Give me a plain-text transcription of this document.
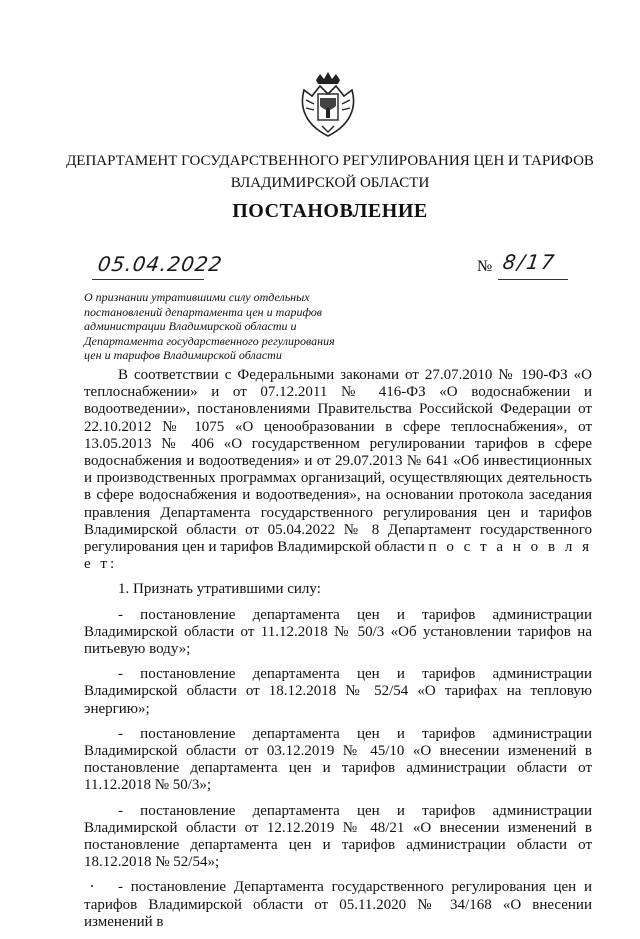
ДЕПАРТАМЕНТ ГОСУДАРСТВЕННОГО РЕГУЛИРОВАНИЯ ЦЕН И ТАРИФОВ
ВЛАДИМИРСКОЙ ОБЛАСТИ
ПОСТАНОВЛЕНИЕ
05.04.2022	№ 8/17
О признании утратившими силу отдельных
постановлений департамента цен и тарифов
администрации Владимирской области и
Департамента государственного регулирования
цен и тарифов Владимирской области

В соответствии с Федеральными законами от 27.07.2010 № 190-ФЗ «О теплоснабжении» и от 07.12.2011 № 416-ФЗ «О водоснабжении и водоотведении», постановлениями Правительства Российской Федерации от 22.10.2012 № 1075 «О ценообразовании в сфере теплоснабжения», от 13.05.2013 № 406 «О государственном регулировании тарифов в сфере водоснабжения и водоотведения» и от 29.07.2013 № 641 «Об инвестиционных и производственных программах организаций, осуществляющих деятельность в сфере водоснабжения и водоотведения», на основании протокола заседания правления Департамента государственного регулирования цен и тарифов Владимирской области от 05.04.2022 № 8 Департамент государственного регулирования цен и тарифов Владимирской области п о с т а н о в л я е т:

1. Признать утратившими силу:

- постановление департамента цен и тарифов администрации Владимирской области от 11.12.2018 № 50/3 «Об установлении тарифов на питьевую воду»;

- постановление департамента цен и тарифов администрации Владимирской области от 18.12.2018 № 52/54 «О тарифах на тепловую энергию»;

- постановление департамента цен и тарифов администрации Владимирской области от 03.12.2019 № 45/10 «О внесении изменений в постановление департамента цен и тарифов администрации области от 11.12.2018 № 50/3»;

- постановление департамента цен и тарифов администрации Владимирской области от 12.12.2019 № 48/21 «О внесении изменений в постановление департамента цен и тарифов администрации области от 18.12.2018 № 52/54»;

- постановление Департамента государственного регулирования цен и тарифов Владимирской области от 05.11.2020 № 34/168 «О внесении изменений в
